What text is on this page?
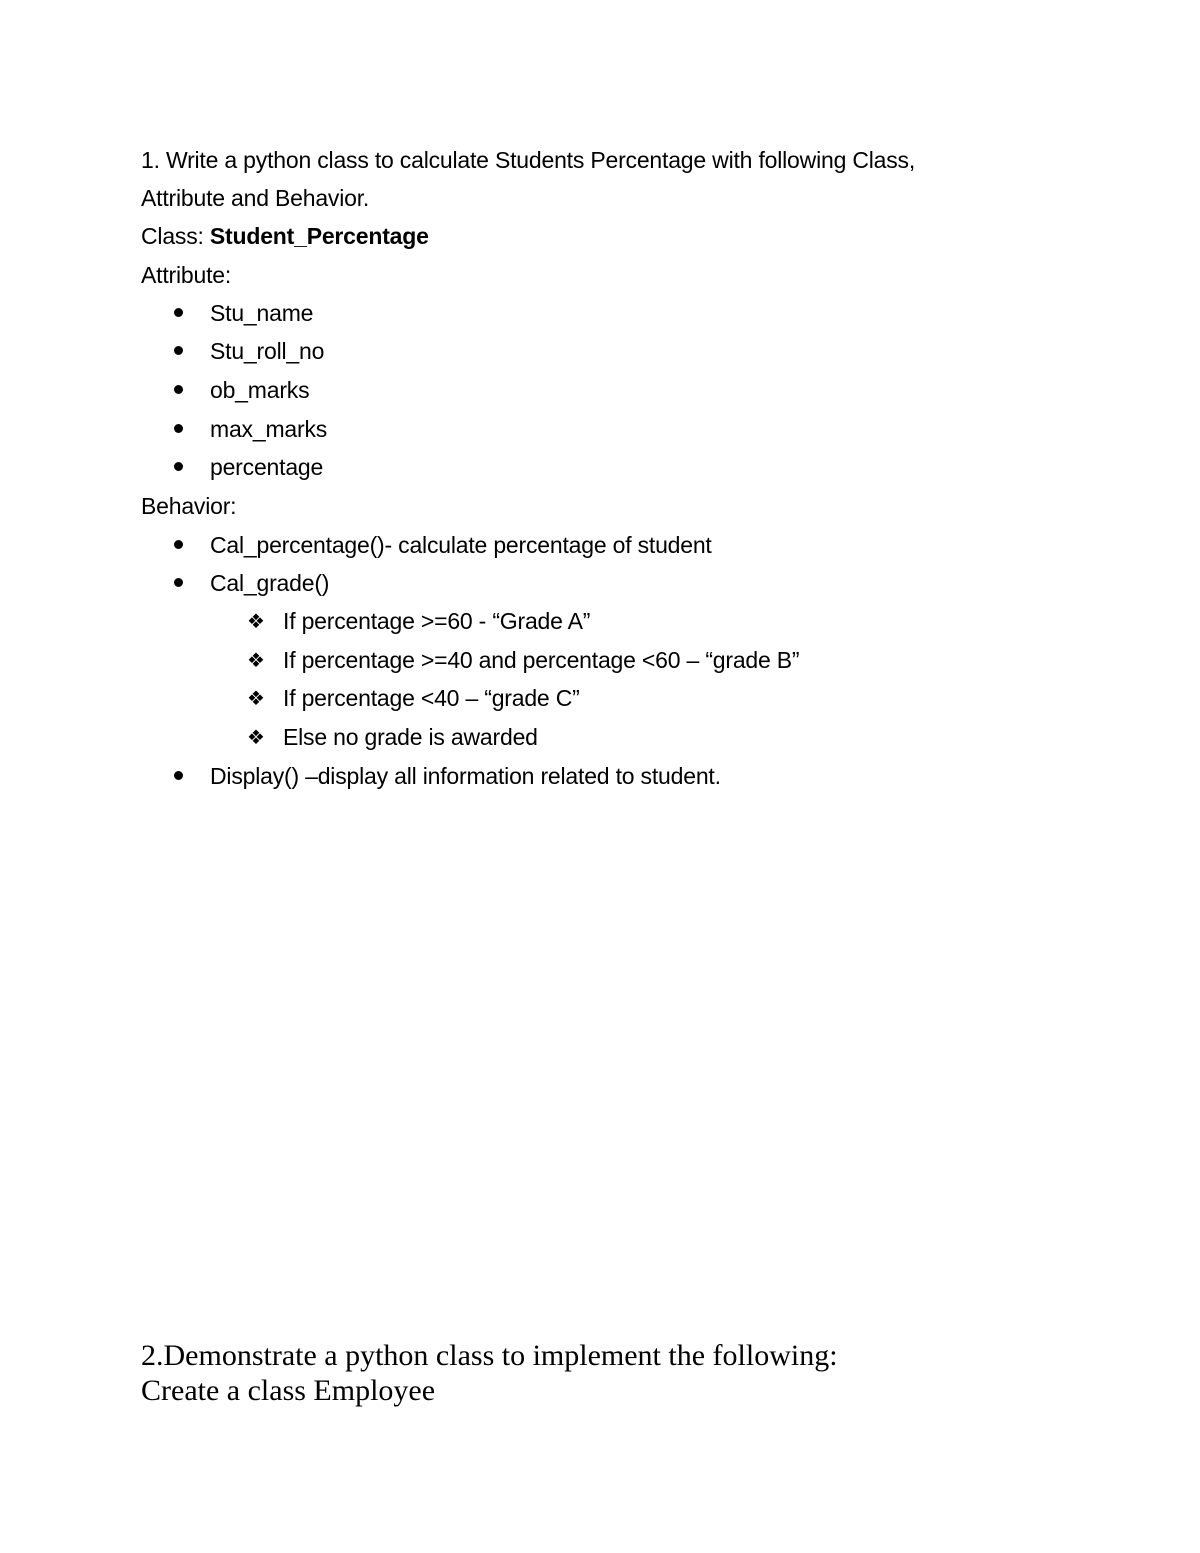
1. Write a python class to calculate Students Percentage with following Class,
Attribute and Behavior.
Class: Student_Percentage
Attribute:
Stu_name
Stu_roll_no
ob_marks
max_marks
percentage
Behavior:
Cal_percentage()- calculate percentage of student
Cal_grade()
❖ If percentage >=60 - “Grade A”
❖ If percentage >=40 and percentage <60 – “grade B”
❖ If percentage <40 – “grade C”
❖ Else no grade is awarded
Display() –display all information related to student.
2.Demonstrate a python class to implement the following:
Create a class Employee
